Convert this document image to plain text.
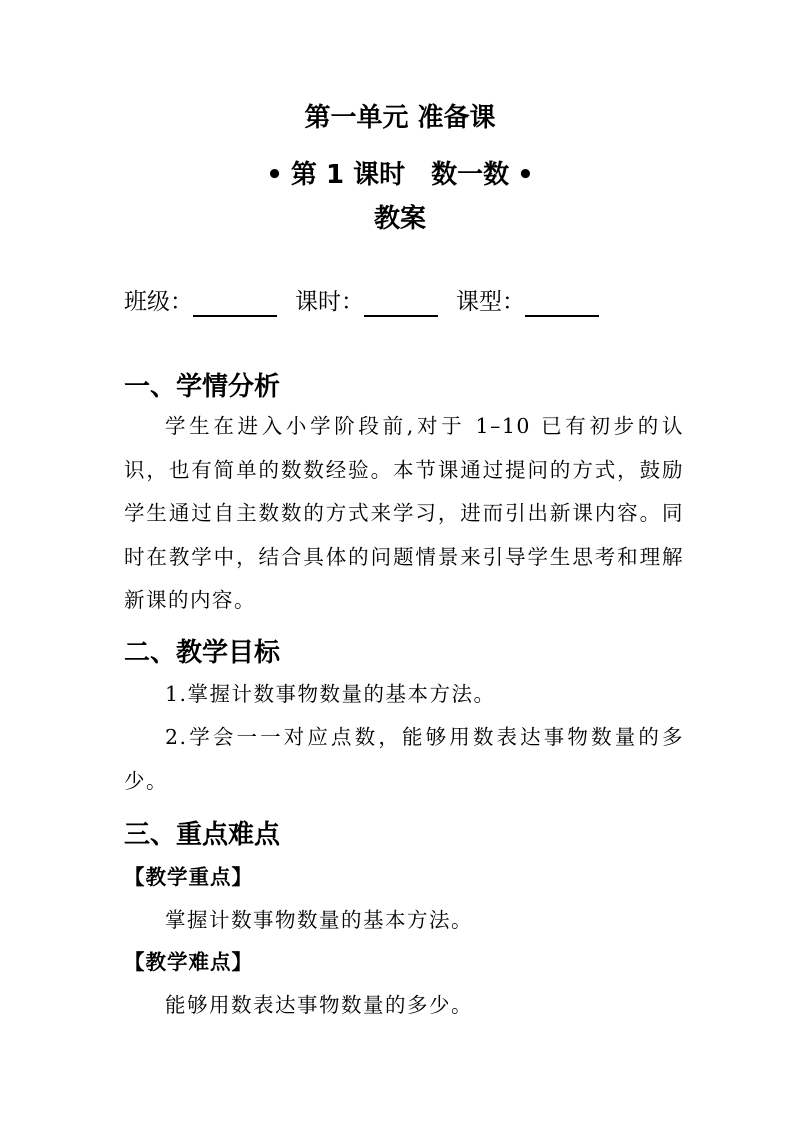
第一单元 准备课
• 第 1 课时　数一数 •
教案
班级：	课时：	课型：
一、学情分析
学生在进入小学阶段前,对于 1–10 已有初步的认识，也有简单的数数经验。本节课通过提问的方式，鼓励学生通过自主数数的方式来学习，进而引出新课内容。同时在教学中，结合具体的问题情景来引导学生思考和理解新课的内容。
二、教学目标
1.掌握计数事物数量的基本方法。
2.学会一一对应点数，能够用数表达事物数量的多少。
三、重点难点
【教学重点】
掌握计数事物数量的基本方法。
【教学难点】
能够用数表达事物数量的多少。
